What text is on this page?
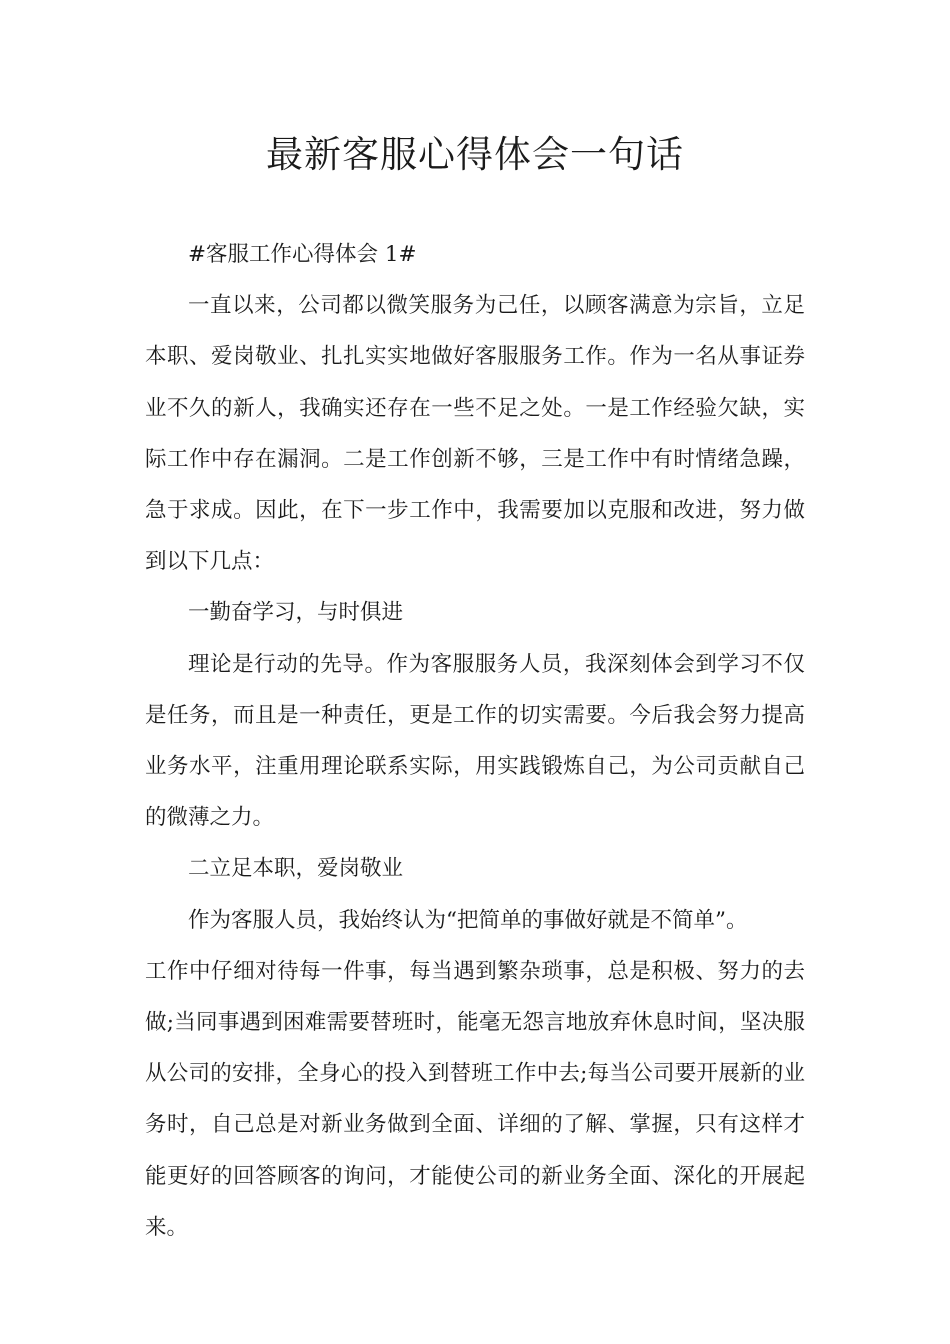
最新客服心得体会一句话

#客服工作心得体会 1#

一直以来，公司都以微笑服务为己任，以顾客满意为宗旨，立足本职、爱岗敬业、扎扎实实地做好客服服务工作。作为一名从事证券业不久的新人，我确实还存在一些不足之处。一是工作经验欠缺，实际工作中存在漏洞。二是工作创新不够，三是工作中有时情绪急躁，急于求成。因此，在下一步工作中，我需要加以克服和改进，努力做到以下几点：

一勤奋学习，与时俱进

理论是行动的先导。作为客服服务人员，我深刻体会到学习不仅是任务，而且是一种责任，更是工作的切实需要。今后我会努力提高业务水平，注重用理论联系实际，用实践锻炼自己，为公司贡献自己的微薄之力。

二立足本职，爱岗敬业

作为客服人员，我始终认为“把简单的事做好就是不简单”。

工作中仔细对待每一件事，每当遇到繁杂琐事，总是积极、努力的去做;当同事遇到困难需要替班时，能毫无怨言地放弃休息时间，坚决服从公司的安排，全身心的投入到替班工作中去;每当公司要开展新的业务时，自己总是对新业务做到全面、详细的了解、掌握，只有这样才能更好的回答顾客的询问，才能使公司的新业务全面、深化的开展起来。
